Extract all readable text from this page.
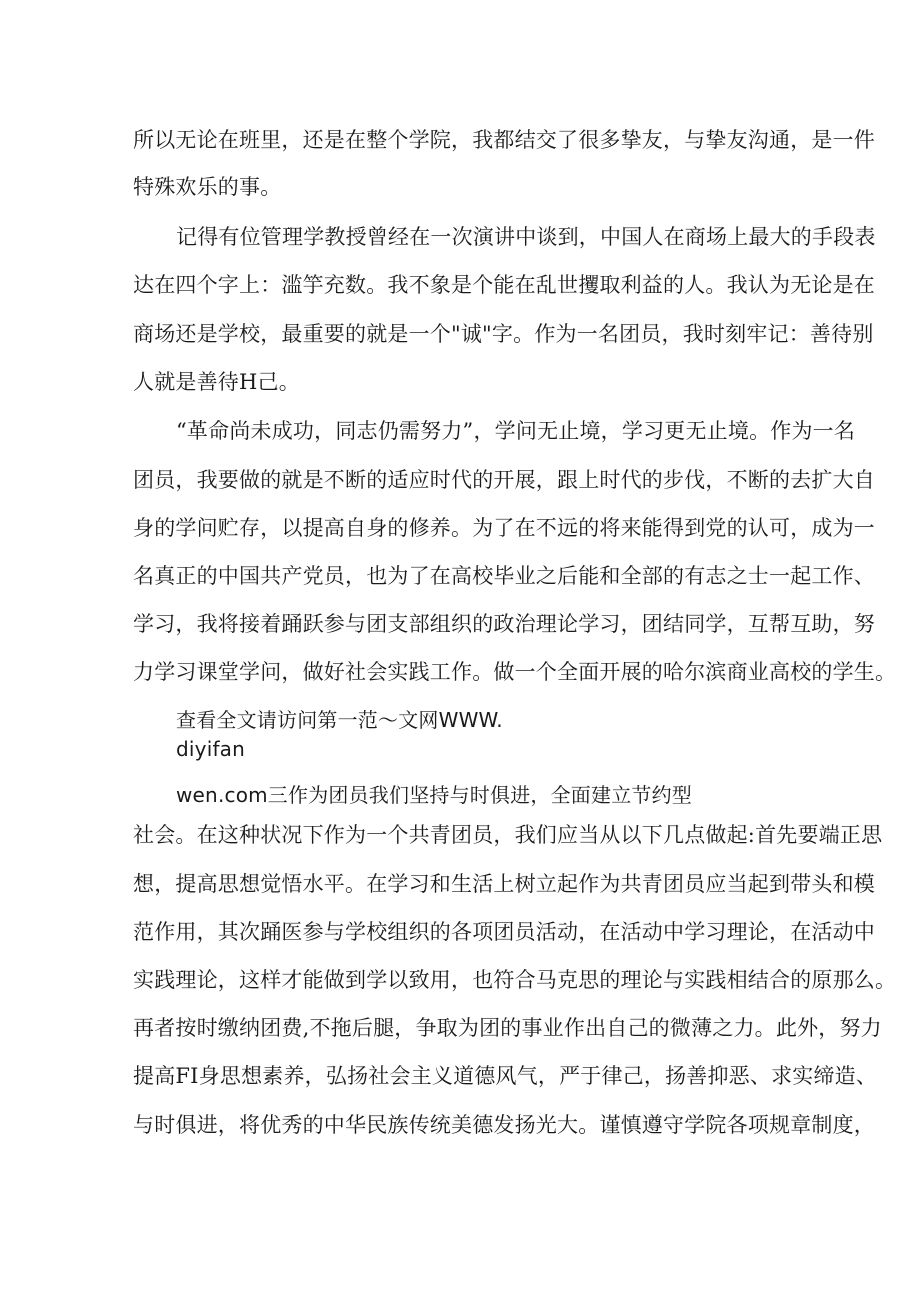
所以无论在班里，还是在整个学院，我都结交了很多挚友，与挚友沟通，是一件
特殊欢乐的事。
记得有位管理学教授曾经在一次演讲中谈到，中国人在商场上最大的手段表
达在四个字上：滥竽充数。我不象是个能在乱世攫取利益的人。我认为无论是在
商场还是学校，最重要的就是一个"诚"字。作为一名团员，我时刻牢记：善待别
人就是善待H己。
“革命尚未成功，同志仍需努力”，学问无止境，学习更无止境。作为一名
团员，我要做的就是不断的适应时代的开展，跟上时代的步伐，不断的去扩大自
身的学问贮存，以提高自身的修养。为了在不远的将来能得到党的认可，成为一
名真正的中国共产党员，也为了在高校毕业之后能和全部的有志之士一起工作、
学习，我将接着踊跃参与团支部组织的政治理论学习，团结同学，互帮互助，努
力学习课堂学问，做好社会实践工作。做一个全面开展的哈尔滨商业高校的学生。
查看全文请访问第一范～文网WWW.
diyifan
wen.com三作为团员我们坚持与时俱进，全面建立节约型
社会。在这种状况下作为一个共青团员，我们应当从以下几点做起:首先要端正思
想，提高思想觉悟水平。在学习和生活上树立起作为共青团员应当起到带头和模
范作用，其次踊医参与学校组织的各项团员活动，在活动中学习理论，在活动中
实践理论，这样才能做到学以致用，也符合马克思的理论与实践相结合的原那么。
再者按时缴纳团费,不拖后腿，争取为团的事业作出自己的微薄之力。此外，努力
提高FI身思想素养，弘扬社会主义道德风气，严于律己，扬善抑恶、求实缔造、
与时俱进，将优秀的中华民族传统美德发扬光大。谨慎遵守学院各项规章制度，
